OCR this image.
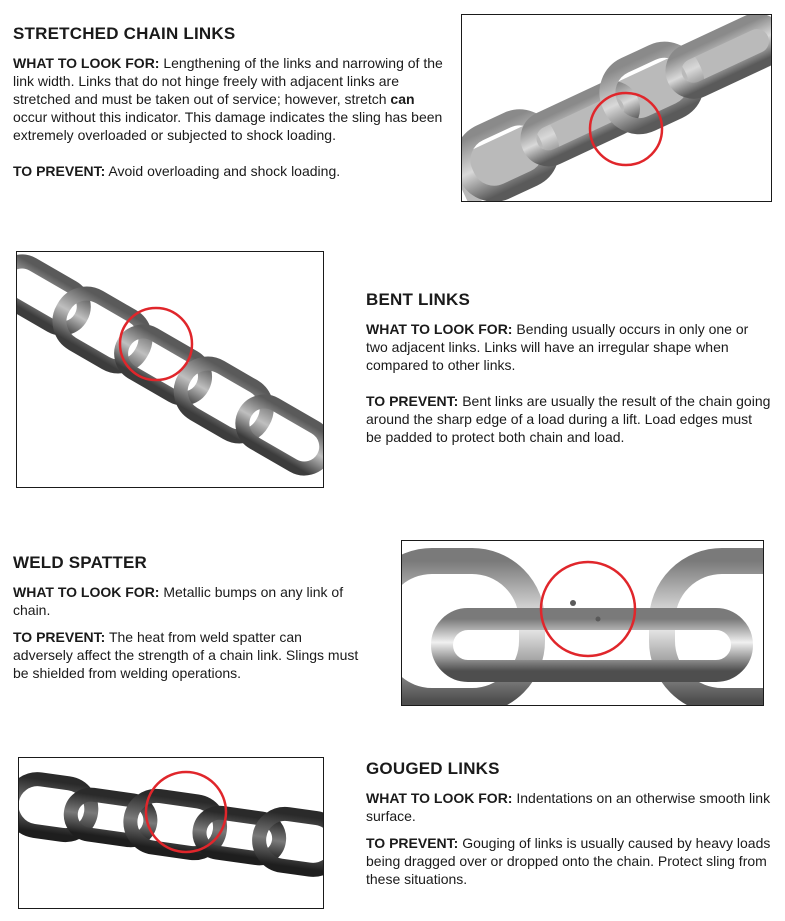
STRETCHED CHAIN LINKS

WHAT TO LOOK FOR: Lengthening of the links and narrowing of the link width. Links that do not hinge freely with adjacent links are stretched and must be taken out of service; however, stretch can occur without this indicator. This damage indicates the sling has been extremely overloaded or subjected to shock loading.

TO PREVENT: Avoid overloading and shock loading.

BENT LINKS

WHAT TO LOOK FOR: Bending usually occurs in only one or two adjacent links. Links will have an irregular shape when compared to other links.

TO PREVENT: Bent links are usually the result of the chain going around the sharp edge of a load during a lift. Load edges must be padded to protect both chain and load.

WELD SPATTER

WHAT TO LOOK FOR: Metallic bumps on any link of chain.

TO PREVENT: The heat from weld spatter can adversely affect the strength of a chain link. Slings must be shielded from welding operations.

GOUGED LINKS

WHAT TO LOOK FOR: Indentations on an otherwise smooth link surface.

TO PREVENT: Gouging of links is usually caused by heavy loads being dragged over or dropped onto the chain. Protect sling from these situations.
